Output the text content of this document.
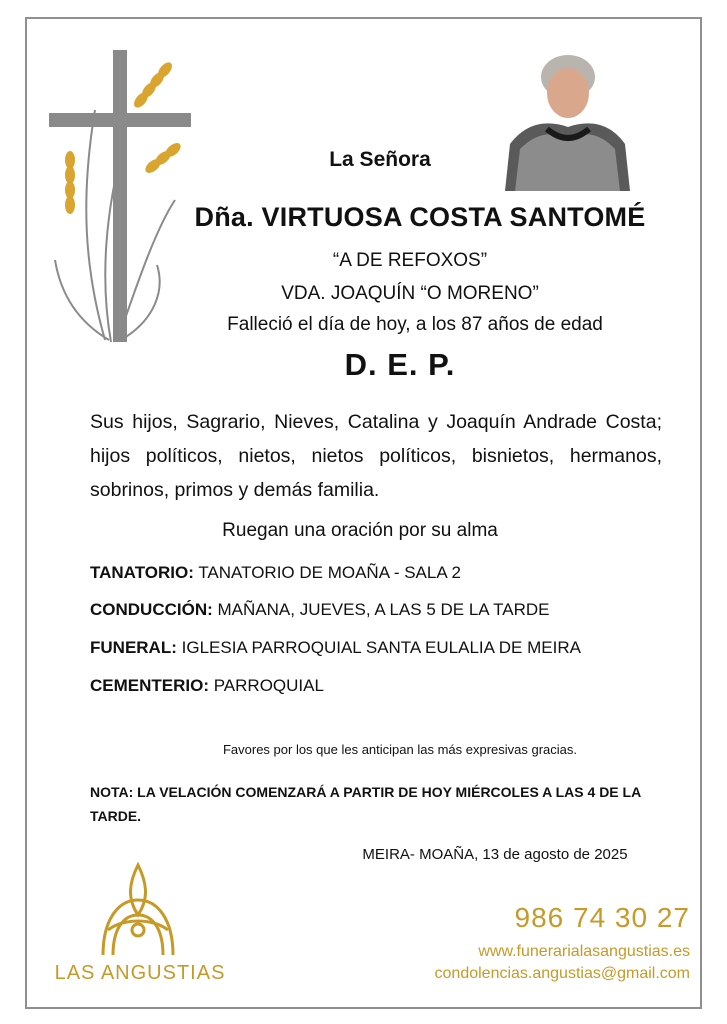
La Señora
Dña. VIRTUOSA COSTA SANTOMÉ
“A DE REFOXOS”
VDA. JOAQUÍN “O MORENO”
Falleció el día de hoy, a los 87 años de edad
D. E. P.
Sus hijos, Sagrario, Nieves, Catalina y Joaquín Andrade Costa; hijos políticos, nietos, nietos políticos, bisnietos, hermanos, sobrinos, primos y demás familia.
Ruegan una oración por su alma
TANATORIO: TANATORIO DE MOAÑA - SALA 2
CONDUCCIÓN: MAÑANA, JUEVES, A LAS 5 DE LA TARDE
FUNERAL: IGLESIA PARROQUIAL SANTA EULALIA DE MEIRA
CEMENTERIO: PARROQUIAL
Favores por los que les anticipan las más expresivas gracias.
NOTA: LA VELACIÓN COMENZARÁ A PARTIR DE HOY MIÉRCOLES A LAS 4 DE LA TARDE.
MEIRA- MOAÑA, 13 de agosto de 2025
LAS ANGUSTIAS
986 74 30 27
www.funerarialasangustias.es
condolencias.angustias@gmail.com
